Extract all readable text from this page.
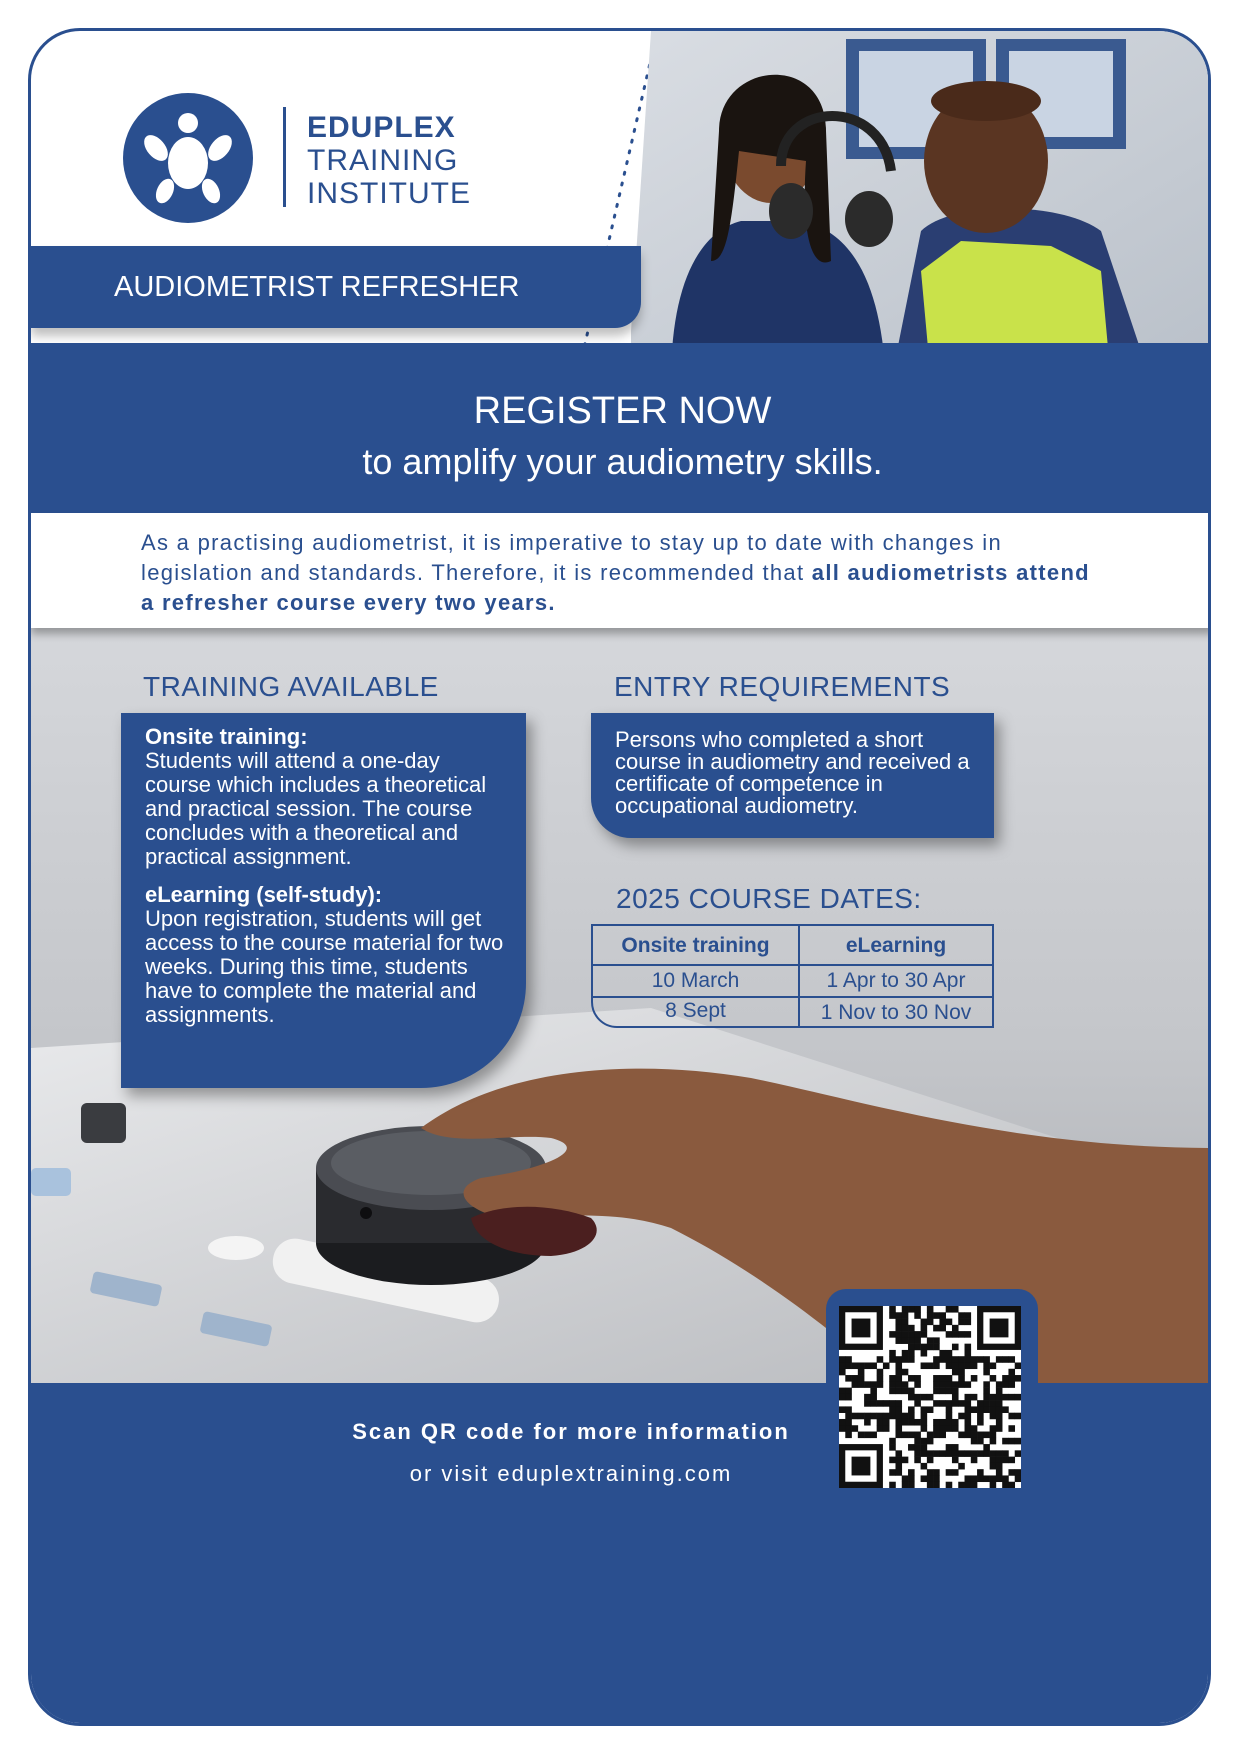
EDUPLEX
TRAINING
INSTITUTE
AUDIOMETRIST REFRESHER
REGISTER NOW
to amplify your audiometry skills.

As a practising audiometrist, it is imperative to stay up to date with changes in legislation and standards. Therefore, it is recommended that all audiometrists attend a refresher course every two years.

TRAINING AVAILABLE	ENTRY REQUIREMENTS
Onsite training:
Students will attend a one-day course which includes a theoretical and practical session. The course concludes with a theoretical and practical assignment.
eLearning (self-study):
Upon registration, students will get access to the course material for two weeks. During this time, students have to complete the material and assignments.
Persons who completed a short course in audiometry and received a certificate of competence in occupational audiometry.
2025 COURSE DATES:
Onsite training	eLearning
10 March	1 Apr to 30 Apr
8 Sept	1 Nov to 30 Nov
Scan QR code for more information
or visit eduplextraining.com
